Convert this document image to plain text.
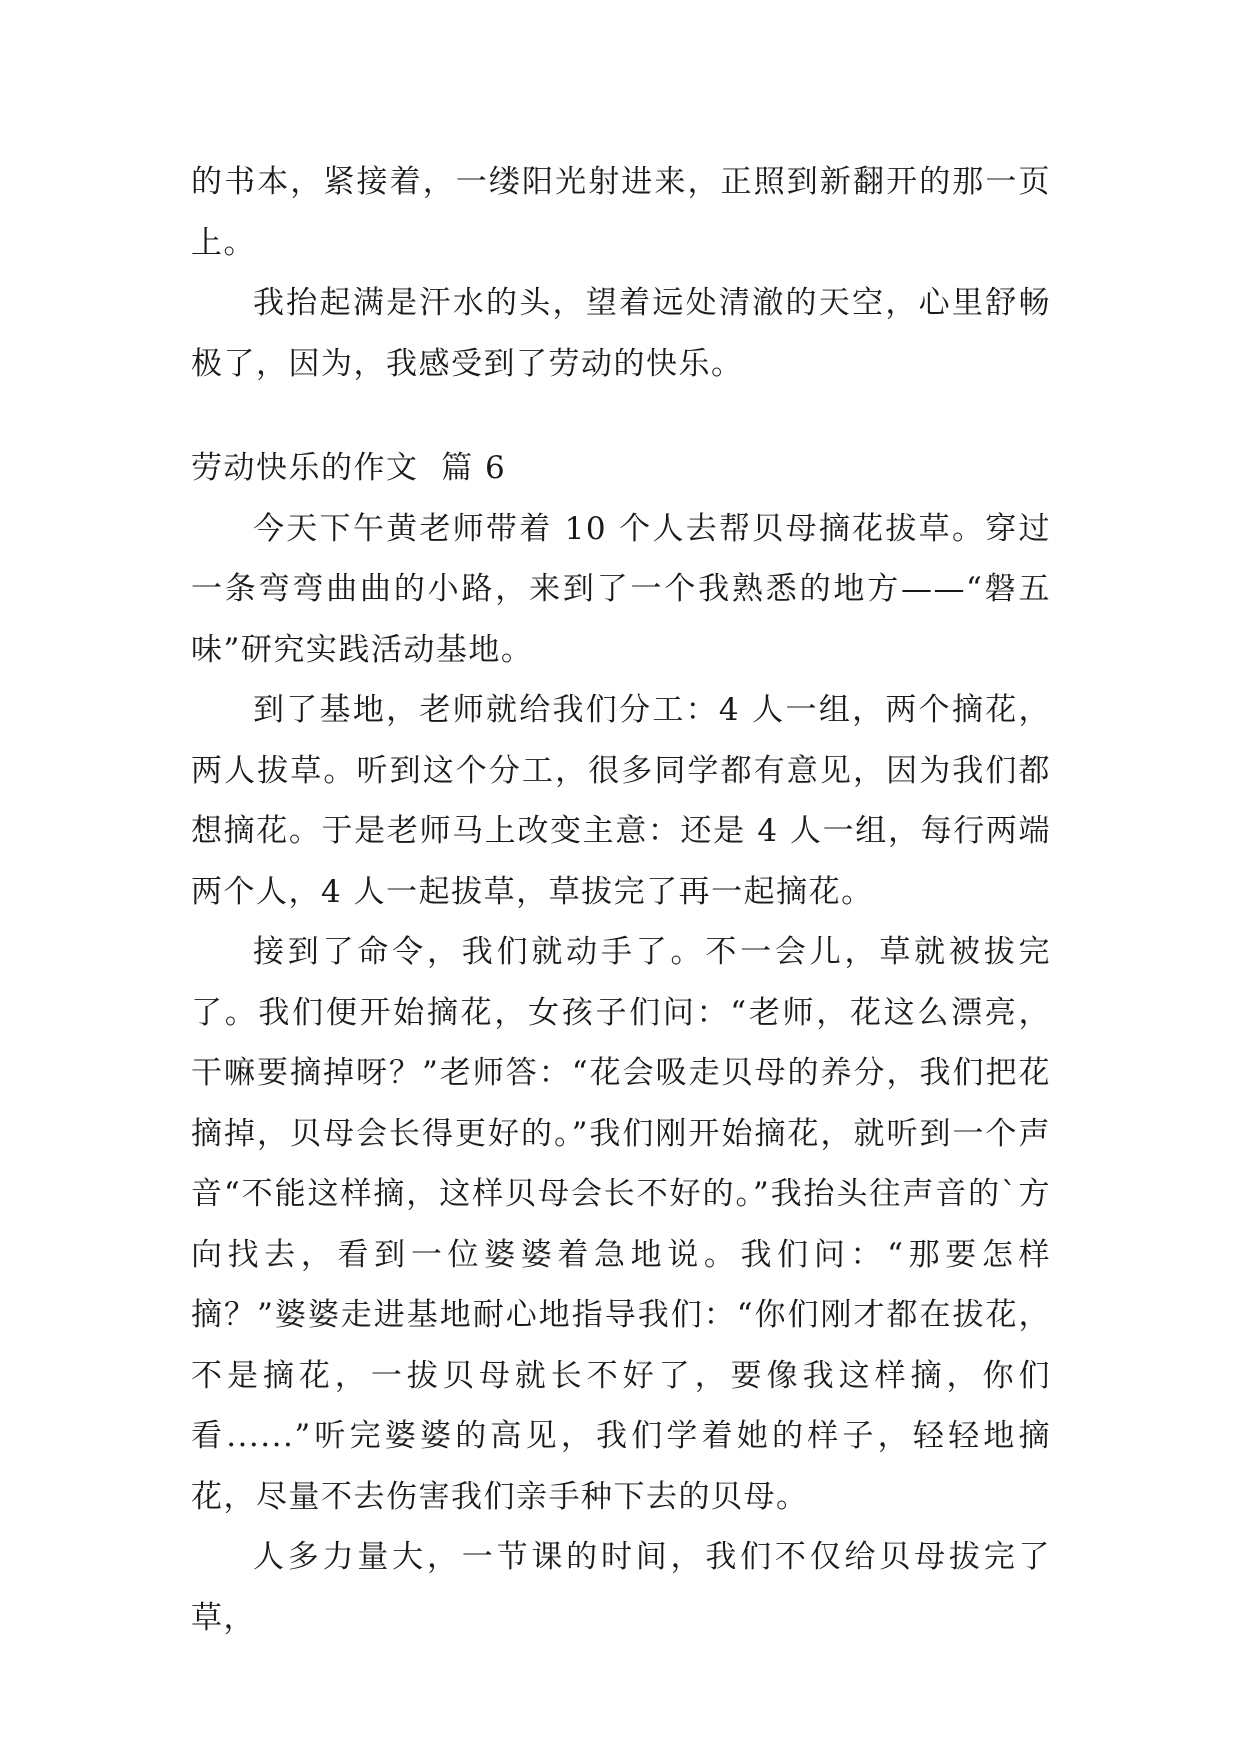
的书本，紧接着，一缕阳光射进来，正照到新翻开的那一页上。

我抬起满是汗水的头，望着远处清澈的天空，心里舒畅极了，因为，我感受到了劳动的快乐。

劳动快乐的作文  篇 6

今天下午黄老师带着 10 个人去帮贝母摘花拔草。穿过一条弯弯曲曲的小路，来到了一个我熟悉的地方——“磐五味”研究实践活动基地。

到了基地，老师就给我们分工：4 人一组，两个摘花，两人拔草。听到这个分工，很多同学都有意见，因为我们都想摘花。于是老师马上改变主意：还是 4 人一组，每行两端两个人，4 人一起拔草，草拔完了再一起摘花。

接到了命令，我们就动手了。不一会儿，草就被拔完了。我们便开始摘花，女孩子们问：“老师，花这么漂亮，干嘛要摘掉呀？”老师答：“花会吸走贝母的养分，我们把花摘掉，贝母会长得更好的。”我们刚开始摘花，就听到一个声音“不能这样摘，这样贝母会长不好的。”我抬头往声音的`方向找去，看到一位婆婆着急地说。我们问：“那要怎样摘？”婆婆走进基地耐心地指导我们：“你们刚才都在拔花，不是摘花，一拔贝母就长不好了，要像我这样摘，你们看......”听完婆婆的高见，我们学着她的样子，轻轻地摘花，尽量不去伤害我们亲手种下去的贝母。

人多力量大，一节课的时间，我们不仅给贝母拔完了草，
